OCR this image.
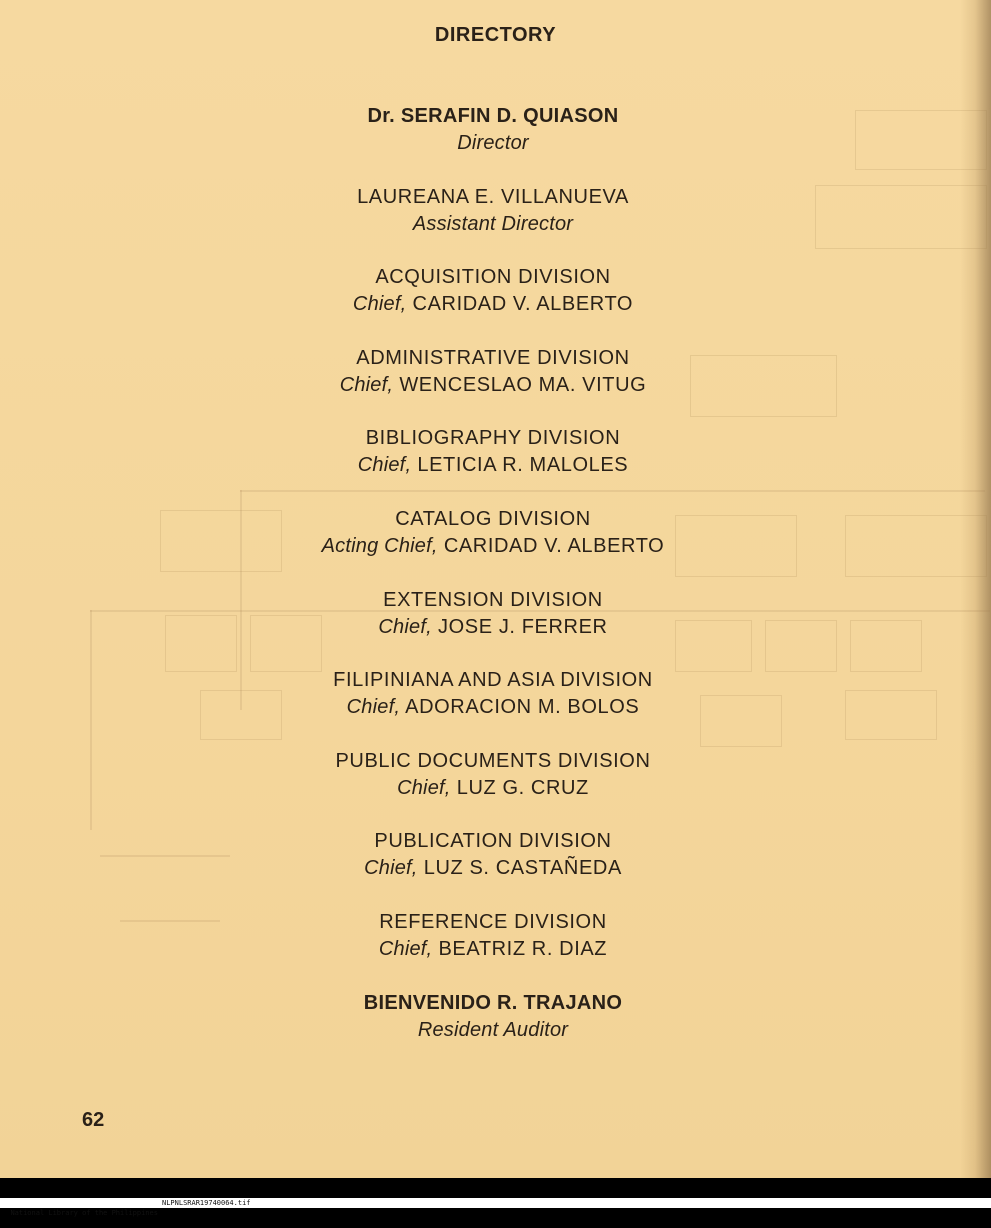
DIRECTORY
Dr. SERAFIN D. QUIASON
Director
LAUREANA E. VILLANUEVA
Assistant Director
ACQUISITION DIVISION
Chief, CARIDAD V. ALBERTO
ADMINISTRATIVE DIVISION
Chief, WENCESLAO MA. VITUG
BIBLIOGRAPHY DIVISION
Chief, LETICIA R. MALOLES
CATALOG DIVISION
Acting Chief, CARIDAD V. ALBERTO
EXTENSION DIVISION
Chief, JOSE J. FERRER
FILIPINIANA AND ASIA DIVISION
Chief, ADORACION M. BOLOS
PUBLIC DOCUMENTS DIVISION
Chief, LUZ G. CRUZ
PUBLICATION DIVISION
Chief, LUZ S. CASTAÑEDA
REFERENCE DIVISION
Chief, BEATRIZ R. DIAZ
BIENVENIDO R. TRAJANO
Resident Auditor
62

National Library of the Philippines

NLPNLSRAR19740064.tif
